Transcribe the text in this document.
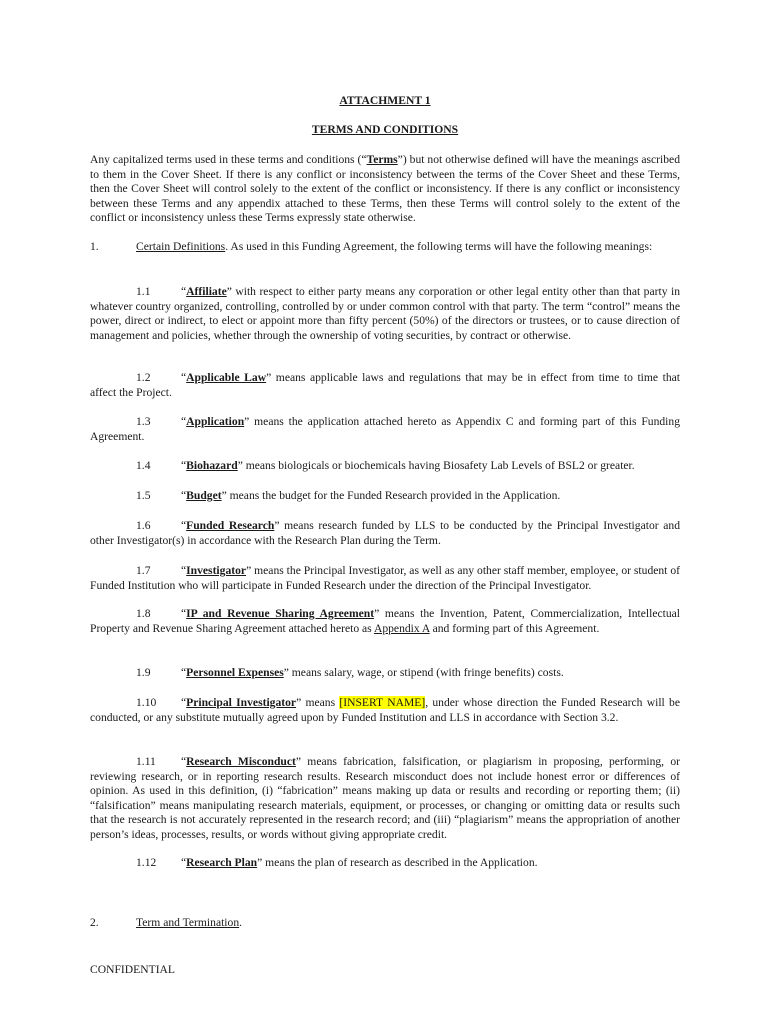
ATTACHMENT 1

TERMS AND CONDITIONS

Any capitalized terms used in these terms and conditions (“Terms”) but not otherwise defined will have the meanings ascribed to them in the Cover Sheet. If there is any conflict or inconsistency between the terms of the Cover Sheet and these Terms, then the Cover Sheet will control solely to the extent of the conflict or inconsistency. If there is any conflict or inconsistency between these Terms and any appendix attached to these Terms, then these Terms will control solely to the extent of the conflict or inconsistency unless these Terms expressly state otherwise.

1.	Certain Definitions. As used in this Funding Agreement, the following terms will have the following meanings:

1.1	“Affiliate” with respect to either party means any corporation or other legal entity other than that party in whatever country organized, controlling, controlled by or under common control with that party. The term “control” means the power, direct or indirect, to elect or appoint more than fifty percent (50%) of the directors or trustees, or to cause direction of management and policies, whether through the ownership of voting securities, by contract or otherwise.

1.2	“Applicable Law” means applicable laws and regulations that may be in effect from time to time that affect the Project.

1.3	“Application” means the application attached hereto as Appendix C and forming part of this Funding Agreement.

1.4	“Biohazard” means biologicals or biochemicals having Biosafety Lab Levels of BSL2 or greater.

1.5	“Budget” means the budget for the Funded Research provided in the Application.

1.6	“Funded Research” means research funded by LLS to be conducted by the Principal Investigator and other Investigator(s) in accordance with the Research Plan during the Term.

1.7	“Investigator” means the Principal Investigator, as well as any other staff member, employee, or student of Funded Institution who will participate in Funded Research under the direction of the Principal Investigator.

1.8	“IP and Revenue Sharing Agreement” means the Invention, Patent, Commercialization, Intellectual Property and Revenue Sharing Agreement attached hereto as Appendix A and forming part of this Agreement.

1.9	“Personnel Expenses” means salary, wage, or stipend (with fringe benefits) costs.

1.10 “Principal Investigator” means [INSERT NAME], under whose direction the Funded Research will be conducted, or any substitute mutually agreed upon by Funded Institution and LLS in accordance with Section 3.2.

1.11 “Research Misconduct” means fabrication, falsification, or plagiarism in proposing, performing, or reviewing research, or in reporting research results. Research misconduct does not include honest error or differences of opinion. As used in this definition, (i) “fabrication” means making up data or results and recording or reporting them; (ii) “falsification” means manipulating research materials, equipment, or processes, or changing or omitting data or results such that the research is not accurately represented in the research record; and (iii) “plagiarism” means the appropriation of another person’s ideas, processes, results, or words without giving appropriate credit.

1.12 “Research Plan” means the plan of research as described in the Application.

2.	Term and Termination.

CONFIDENTIAL
